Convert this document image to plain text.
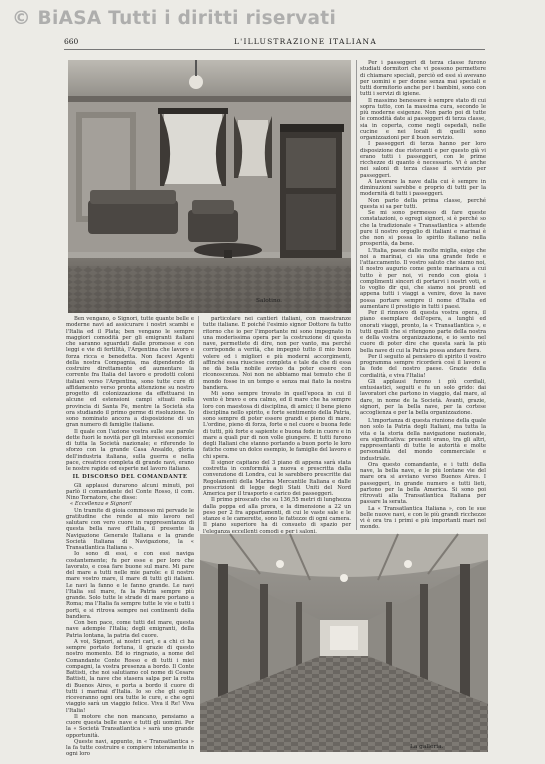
© BiASA Tutti i diritti riservati
660	L'ILLUSTRAZIONE ITALIANA
Salotino.

Per i passeggeri di terza classe furono studiati dormitori che vi possono permettere di chiamare speciali, perciò ed essi sì avevano per uomini e per donne senza mai speciali e tutti dormitorio anche per i bambini, sono con tutti i servizi di igiene.

Il massimo benessere è sempre stato di cui sopra tutto, con la massima cura, secondo le più moderne esigenze. Non parlo poi di tutte le comodità date ai passeggeri di terza classe, sia in coperta, come negli ospedali, nelle cucine e nei locali di quelli sono organizzazioni per il buon servizio.

I passeggeri di terza hanno per loro disposizione due ristoranti e per questo già vi erano tutti i passeggeri, con le prime ricchezze di quanto è necessario. Vi è anche nei saloni di terza classe il servizio per passeggeri.

A lavorare la nave dalla cui è sempre in diminuzioni sarebbe e proprio di tutti per la modernità di tutti i passeggeri.

Non parlo della prima classe, perché questa si sa per tutti.

Se mi sono permesso di fare queste constatazioni, o egregi signori, si è perché so che la tradizionale « Transatlantica » attende pure il nostro orgoglio di italiani e marinai è che non si possa lo spirito italiano nella prosperità, da bene.

L'Italia, paese dalle molte miglia, esige che noi a marinai, ci sia una grande fede e l'attaccamento. Il vostro saluto che siamo noi, il nostro augurio come gente marinara a cui tutto è per noi, vi rendo con gioia i complimenti sinceri di portarvi i nostri voti, e lo voglio dir qui, che siamo noi pronti ed appena tutti i viaggi a venire, dove la nave possa portare sempre il nome d'Italia ed aumentare il prestigio in tutti i paesi.

Per il rinnovo di questa vostra opera, il piano esemplare dell'opera, a lunghi ed onorati viaggi, pronto, la « Transatlantica », e tutti quelli che si ritengono parte della nostra e della vostra organizzazione, e io sento nel cuore di poter dire che questa sarà la più bella nave di cui la Patria possa andare fiera.

Per il seguito al pensiero di spirito il vostro programma sempre ricorderà così il lavoro e la fede del nostro paese. Grazie della cordialità, e viva l'Italia!

Gli applausi furono i più cordiali, entusiastici, seguiti e fu un solo grido: dai lavoratori che partono in viaggio, dal mare, al dare, in nome de la Società. Avanti, grazie, signori, per la bella nave, per la cortese accoglienza e per la bella organizzazione.

Ben vengano, o Signori, tutte quante belle e moderne navi ad assicurare i nostri scambi e l'Italia ed il Plata; ben vengano le sempre maggiori comodità per gli emigranti italiani che saranno sguardati dalle promesse e con leggi e vie di fertilità, l'Argentina che lavoro e forza ricca e benedetta. Non facevi Agenti della nostra Compagnia, ma dipendendo di costruire direttamente ed aumentare la corrente fra Italia del lavoro e prodotti coloni italiani verso l'Argentina, sono tutte cure di affidamento verso pronta attenzione su nostro progetto di colonizzazione da effettuarsi in alcune ed estensioni campi situati nella provincia di Santa Fe, mentre la Società sta ora studiando il primo germe di risoluzione. Io sono nominato ancora a disposizione di un gran numero di famiglie italiane.

Il quale con l'azione vostra sulle sue parole dette fuori le novità per gli interessi economici di tutta la Società nazionale; e riferendo lo sforzo con la grande Casa Ansaldo, gloria dell'industria italiana, sulla guerra e nella pace, creatrice completa di grande navi, erano le nostre rapide ed esperte nel lavoro italiano.

IL DISCORSO DEL COMANDANTE

Gli applausi durarono alcuni minuti, poi parlò il comandante del Conte Rosso, il com. Nino Tornatore, che disse:

« Eccellenza e Signori!

Un tramite di gioia commosso mi pervade le gratitudine che rende al mio lavoro nel salutare con vero cuore in rappresentanza di questa bella nave d'Italia, il presente la Navigazione Generale Italiana e la grande Società Italiana di Navigazione, la « Transatlantica Italiana ».

Io sono di essi, e con essi naviga costantemente; fu per esse e per loro che lavorato, e cosa fare buone sul mare. Mi pare del mare a tutti nelle mie parole: e il nostro mare vostro mare, il mare di tutti gli italiani. Le navi la fanno e le fanno grande. Le navi l'Italia sul mare, fa la Patria sempre più grande. Solo tutte le strade di mare portano a Roma; ma l'Italia fa sempre tutte le vie e tutti i porti, e si ritrova sempre nei continenti della bandiera.

Con ben pace, come tutti del mare, questa nave adempie l'Italia; degli emigranti, della Patria lontana, la patria del cuore.

A voi, Signori, ai nostri cari, e a chi ci ha sempre portato fortuna, il grazie di questo nostro momento. Ed io ringrazio, a nome del Comandante Conte Rosso e di tutti i miei compagni, la vostra presenza a bordo. Il Conte Battisti, che noi salutiamo col nome di Cesare Battisti, la nave che stasera salpa per la rotta di Buenos Aires, e porta a bordo il cuore di tutti i marinai d'Italia. Io so che gli ospiti riceveranno ogni ora tutte le cure, e che ogni viaggio sarà un viaggio felice. Viva il Re! Viva l'Italia!

Il motore che non mancano, pensiamo a cuore questa belle nave e tutti gli uomini. Per la « Società Transatlantica » sarà uno grande opportunità.

Queste navi, appunto, in « Transatlantica » la fa tutte costruire e compiere interamente in ogni loro

particolare nei cantieri italiani, con maestranze tutte italiane. E poiché l'esimio signor Dottore fa tutto ritorno che io per l'importante mi sono impegnato in una moderissima opera per la costruzione di questa nave, permettete di dire, non per vanto, ma perché corrisponde a verità, che impegnò tutto il mio buon volere ed i migliori e più moderni accorgimenti, affinché essa riuscisse completa e tale da che di essa ne dà bella nobile avviso da poter essere con riconoscenza. Noi non ne abbiamo mai temuto che il mondo fosse in un tempo e senza mai fiato la nostra bandiera.

Mi sono sempre trovato in quell'epoca in cui il vento è bravo e ora calmo, ed il mare che ha sempre loro con maestosa di disciplina, di amici; il bene pieno disciplina nello spirito, e forte sentimento della Patria, sono sempre di poter essere grandi e pieno di mare. L'ordine, pieno di forza, forte e nel cuore e buona fede di tutti, più forte e sapiente e buona fede in cuore e in mare a quali pur di non volle giungere. E tutti furono degli Italiani che stanno portando a buon porto le loro fatiche come un dolce esempio, le famiglie del lavoro e chi spera.

Il signor capitano del 3 piano di appena sarà stata costretta in conformità a nuova e prescritta dalla convenzione di Londra, cui le sarebbero prescritte dai Regolamenti della Marina Mercantile Italiana e dalle prescrizioni di legge degli Stati Uniti del Nord America per il trasporto e carico dei passeggeri.

Il primo piroscafo che su 136,55 metri di lunghezza dalla poppa ed alla prora, e la dimensione a 22 un peso per 2 fra appartamenti, di cui le vaste sale e le stanze e le camerette, sono le fattezze di ogni camera. Il piano superiore ha di consueto di spazio per l'eleganza eccellenti comodi e per i saloni.

L'importanza di questa riunione della quale non solo la Patria degli Italiani, ma tutta la vita e la storia della navigazione nazionale, era significativa: presenti erano, tra gli altri, rappresentanti di tutte le autorità e molte personalità del mondo commerciale e industriale.

Ora questo comandante, e i tutti della nave, la bella nave, e le più lontane vie del mare ora si avviano verso Buenos Aires. I passeggeri, in grande numero e tutti lieti, partono per la bella America. Si sono poi ritrovati alla Transatlantica Italiana per passare la serata.

La « Transatlantica Italiana », con le sue belle nuove navi, e con le più grandi ricchezze vi è ora tra i primi e più importanti mari nel mondo.

La galleria.
